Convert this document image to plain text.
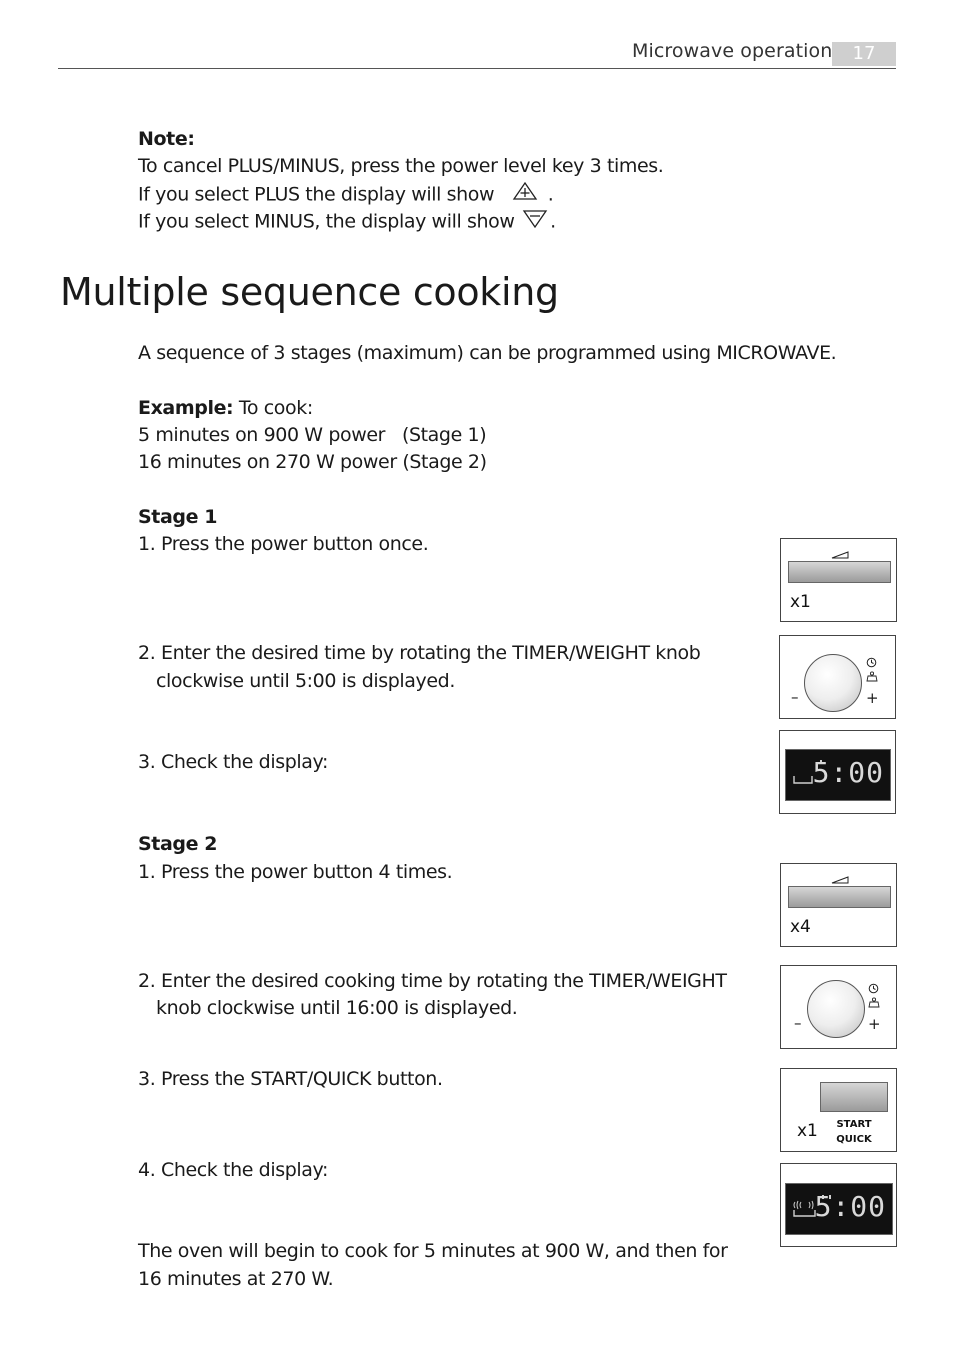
Microwave operation	17
Note:
To cancel PLUS/MINUS, press the power level key 3 times.
If you select PLUS the display will show	.
If you select MINUS, the display will show .
Multiple sequence cooking
A sequence of 3 stages (maximum) can be programmed using MICROWAVE.
Example: To cook:
5 minutes on 900 W power   (Stage 1)
16 minutes on 270 W power (Stage 2)
Stage 1
1. Press the power button once.
2. Enter the desired time by rotating the TIMER/WEIGHT knob
clockwise until 5:00 is displayed.
3. Check the display:
Stage 2
1. Press the power button 4 times.
2. Enter the desired cooking time by rotating the TIMER/WEIGHT
knob clockwise until 16:00 is displayed.
3. Press the START/QUICK button.
4. Check the display:
The oven will begin to cook for 5 minutes at 900 W, and then for
16 minutes at 270 W.
x1
–	+
5:00
x4
–	+
x1	START
QUICK
5:00
